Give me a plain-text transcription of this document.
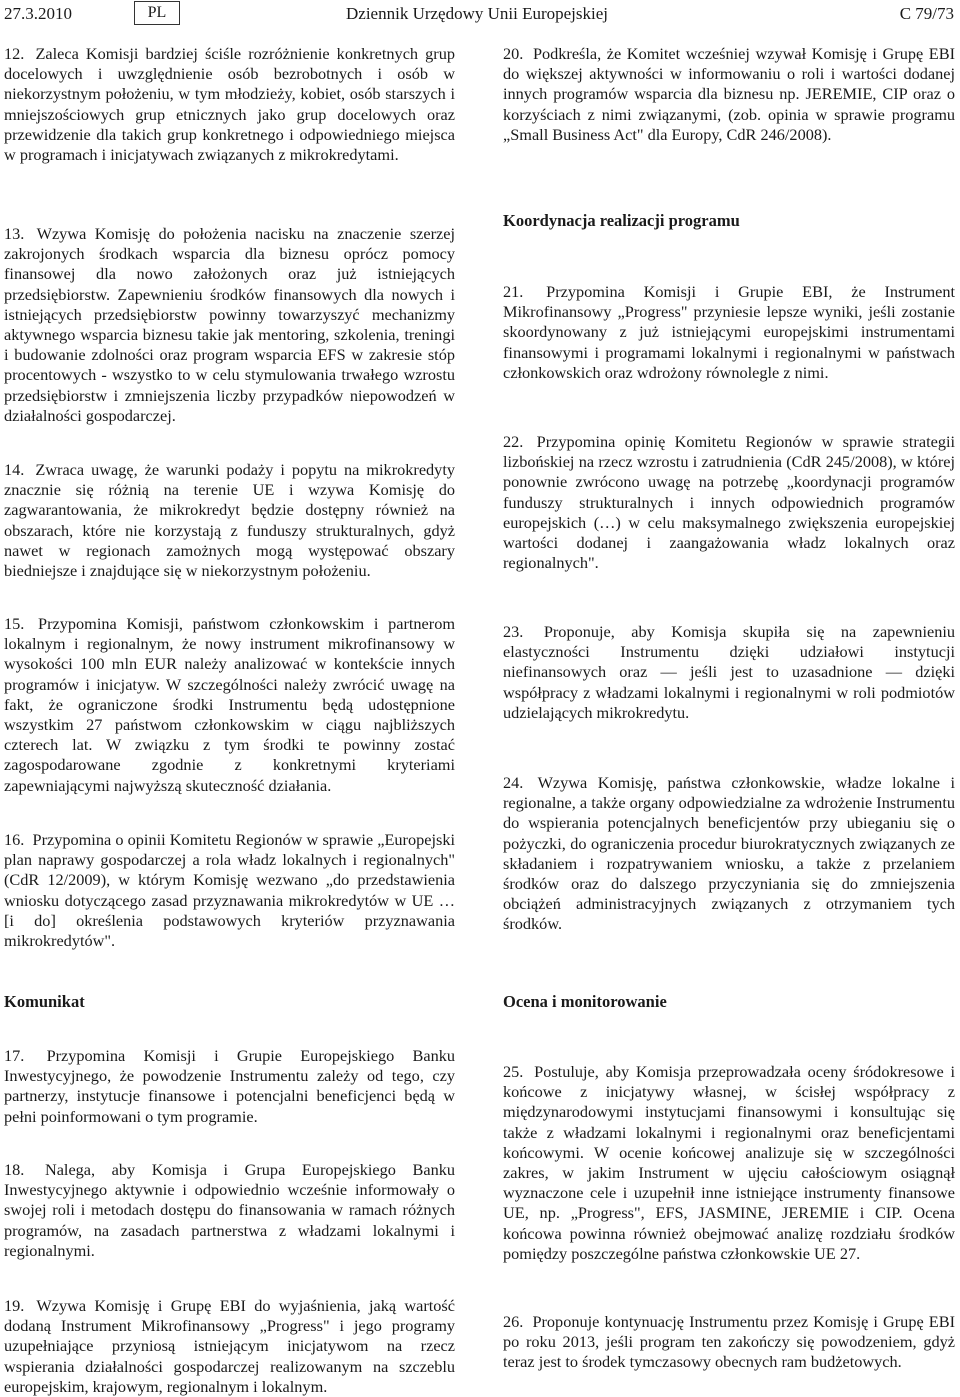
27.3.2010	PL	Dziennik Urzędowy Unii Europejskiej	C 79/73

12. Zaleca Komisji bardziej ściśle rozróżnienie konkretnych grup docelowych i uwzględnienie osób bezrobotnych i osób w niekorzystnym położeniu, w tym młodzieży, kobiet, osób starszych i mniejszościowych grup etnicznych jako grup docelowych oraz przewidzenie dla takich grup konkretnego i odpowiedniego miejsca w programach i inicjatywach związanych z mikrokredytami.

13. Wzywa Komisję do położenia nacisku na znaczenie szerzej zakrojonych środkach wsparcia dla biznesu oprócz pomocy finansowej dla nowo założonych oraz już istniejących przedsiębiorstw. Zapewnieniu środków finansowych dla nowych i istniejących przedsiębiorstw powinny towarzyszyć mechanizmy aktywnego wsparcia biznesu takie jak mentoring, szkolenia, treningi i budowanie zdolności oraz program wsparcia EFS w zakresie stóp procentowych - wszystko to w celu stymulowania trwałego wzrostu przedsiębiorstw i zmniejszenia liczby przypadków niepowodzeń w działalności gospodarczej.

14. Zwraca uwagę, że warunki podaży i popytu na mikrokredyty znacznie się różnią na terenie UE i wzywa Komisję do zagwarantowania, że mikrokredyt będzie dostępny również na obszarach, które nie korzystają z funduszy strukturalnych, gdyż nawet w regionach zamożnych mogą występować obszary biedniejsze i znajdujące się w niekorzystnym położeniu.

15. Przypomina Komisji, państwom członkowskim i partnerom lokalnym i regionalnym, że nowy instrument mikrofinansowy w wysokości 100 mln EUR należy analizować w kontekście innych programów i inicjatyw. W szczególności należy zwrócić uwagę na fakt, że ograniczone środki Instrumentu będą udostępnione wszystkim 27 państwom członkowskim w ciągu najbliższych czterech lat. W związku z tym środki te powinny zostać zagospodarowane zgodnie z konkretnymi kryteriami zapewniającymi najwyższą skuteczność działania.

16. Przypomina o opinii Komitetu Regionów w sprawie „Europejski plan naprawy gospodarczej a rola władz lokalnych i regionalnych" (CdR 12/2009), w którym Komisję wezwano „do przedstawienia wniosku dotyczącego zasad przyznawania mikrokredytów w UE …[i do] określenia podstawowych kryteriów przyznawania mikrokredytów".

Komunikat

17. Przypomina Komisji i Grupie Europejskiego Banku Inwestycyjnego, że powodzenie Instrumentu zależy od tego, czy partnerzy, instytucje finansowe i potencjalni beneficjenci będą w pełni poinformowani o tym programie.

18. Nalega, aby Komisja i Grupa Europejskiego Banku Inwestycyjnego aktywnie i odpowiednio wcześnie informowały o swojej roli i metodach dostępu do finansowania w ramach różnych programów, na zasadach partnerstwa z władzami lokalnymi i regionalnymi.

19. Wzywa Komisję i Grupę EBI do wyjaśnienia, jaką wartość dodaną Instrument Mikrofinansowy „Progress" i jego programy uzupełniające przyniosą istniejącym inicjatywom na rzecz wspierania działalności gospodarczej realizowanym na szczeblu europejskim, krajowym, regionalnym i lokalnym.

20. Podkreśla, że Komitet wcześniej wzywał Komisję i Grupę EBI do większej aktywności w informowaniu o roli i wartości dodanej innych programów wsparcia dla biznesu np. JEREMIE, CIP oraz o korzyściach z nimi związanymi, (zob. opinia w sprawie programu „Small Business Act" dla Europy, CdR 246/2008).

Koordynacja realizacji programu

21. Przypomina Komisji i Grupie EBI, że Instrument Mikrofinansowy „Progress" przyniesie lepsze wyniki, jeśli zostanie skoordynowany z już istniejącymi europejskimi instrumentami finansowymi i programami lokalnymi i regionalnymi w państwach członkowskich oraz wdrożony równolegle z nimi.

22. Przypomina opinię Komitetu Regionów w sprawie strategii lizbońskiej na rzecz wzrostu i zatrudnienia (CdR 245/2008), w której ponownie zwrócono uwagę na potrzebę „koordynacji programów funduszy strukturalnych i innych odpowiednich programów europejskich (…) w celu maksymalnego zwiększenia europejskiej wartości dodanej i zaangażowania władz lokalnych oraz regionalnych".

23. Proponuje, aby Komisja skupiła się na zapewnieniu elastyczności Instrumentu dzięki udziałowi instytucji niefinansowych oraz — jeśli jest to uzasadnione — dzięki współpracy z władzami lokalnymi i regionalnymi w roli podmiotów udzielających mikrokredytu.

24. Wzywa Komisję, państwa członkowskie, władze lokalne i regionalne, a także organy odpowiedzialne za wdrożenie Instrumentu do wspierania potencjalnych beneficjentów przy ubieganiu się o pożyczki, do ograniczenia procedur biurokratycznych związanych ze składaniem i rozpatrywaniem wniosku, a także z przelaniem środków oraz do dalszego przyczyniania się do zmniejszenia obciążeń administracyjnych związanych z otrzymaniem tych środków.

Ocena i monitorowanie

25. Postuluje, aby Komisja przeprowadzała oceny śródokresowe i końcowe z inicjatywy własnej, w ścisłej współpracy z międzynarodowymi instytucjami finansowymi i konsultując się także z władzami lokalnymi i regionalnymi oraz beneficjentami końcowymi. W ocenie końcowej analizuje się w szczególności zakres, w jakim Instrument w ujęciu całościowym osiągnął wyznaczone cele i uzupełnił inne istniejące instrumenty finansowe UE, np. „Progress", EFS, JASMINE, JEREMIE i CIP. Ocena końcowa powinna również obejmować analizę rozdziału środków pomiędzy poszczególne państwa członkowskie UE 27.

26. Proponuje kontynuację Instrumentu przez Komisję i Grupę EBI po roku 2013, jeśli program ten zakończy się powodzeniem, gdyż teraz jest to środek tymczasowy obecnych ram budżetowych.
